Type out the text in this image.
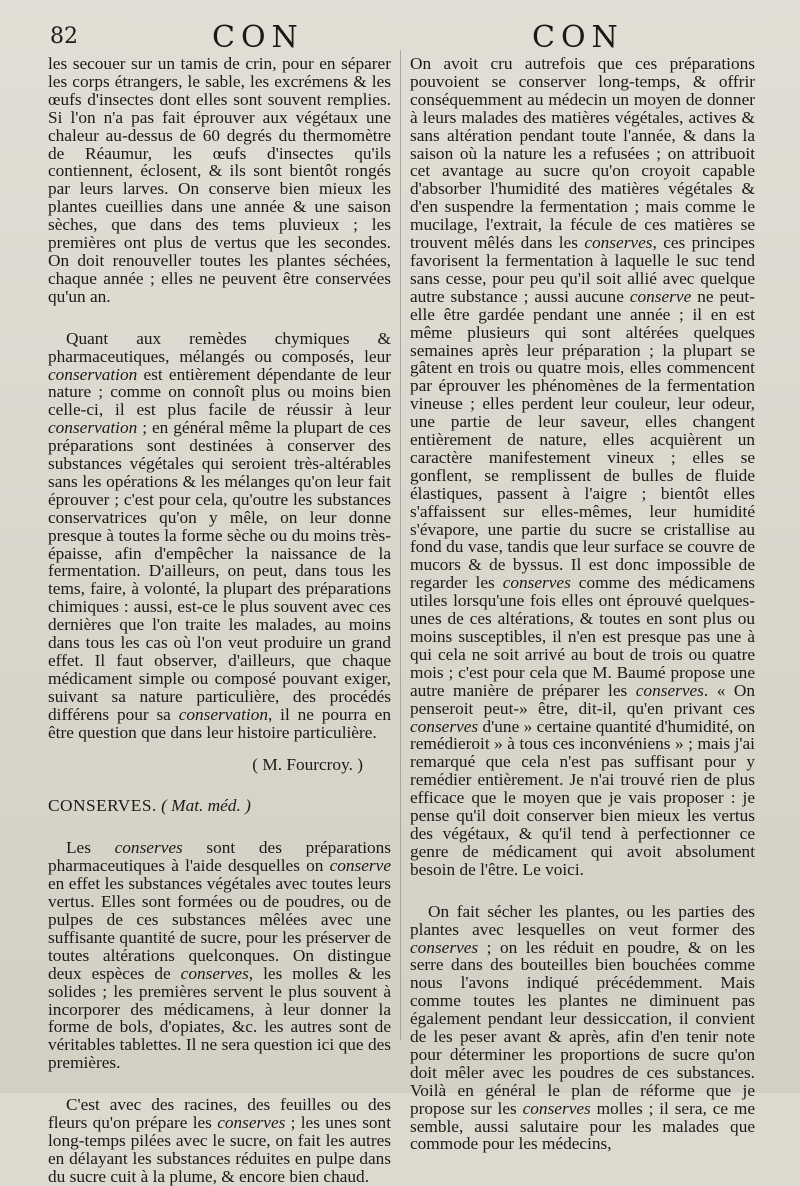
82	CON	CON

les secouer sur un tamis de crin, pour en séparer les corps étrangers, le sable, les excrémens & les œufs d'insectes dont elles sont souvent remplies. Si l'on n'a pas fait éprouver aux végétaux une chaleur au-dessus de 60 degrés du thermomètre de Réaumur, les œufs d'insectes qu'ils contiennent, éclosent, & ils sont bientôt rongés par leurs larves. On conserve bien mieux les plantes cueillies dans une année & une saison sèches, que dans des tems pluvieux ; les premières ont plus de vertus que les secondes. On doit renouveller toutes les plantes séchées, chaque année ; elles ne peuvent être conservées qu'un an.

Quant aux remèdes chymiques & pharmaceutiques, mélangés ou composés, leur conservation est entièrement dépendante de leur nature ; comme on connoît plus ou moins bien celle-ci, il est plus facile de réussir à leur conservation ; en général même la plupart de ces préparations sont destinées à conserver des substances végétales qui seroient très-altérables sans les opérations & les mélanges qu'on leur fait éprouver ; c'est pour cela, qu'outre les substances conservatrices qu'on y mêle, on leur donne presque à toutes la forme sèche ou du moins très-épaisse, afin d'empêcher la naissance de la fermentation. D'ailleurs, on peut, dans tous les tems, faire, à volonté, la plupart des préparations chimiques : aussi, est-ce le plus souvent avec ces dernières que l'on traite les malades, au moins dans tous les cas où l'on veut produire un grand effet. Il faut observer, d'ailleurs, que chaque médicament simple ou composé pouvant exiger, suivant sa nature particulière, des procédés différens pour sa conservation, il ne pourra en être question que dans leur histoire particulière.

( M. Fourcroy. )

CONSERVES. ( Mat. méd. )

Les conserves sont des préparations pharmaceutiques à l'aide desquelles on conserve en effet les substances végétales avec toutes leurs vertus. Elles sont formées ou de poudres, ou de pulpes de ces substances mêlées avec une suffisante quantité de sucre, pour les préserver de toutes altérations quelconques. On distingue deux espèces de conserves, les molles & les solides ; les premières servent le plus souvent à incorporer des médicamens, à leur donner la forme de bols, d'opiates, &c. les autres sont de véritables tablettes. Il ne sera question ici que des premières.

C'est avec des racines, des feuilles ou des fleurs qu'on prépare les conserves ; les unes sont long-temps pilées avec le sucre, on fait les autres en délayant les substances réduites en pulpe dans du sucre cuit à la plume, & encore bien chaud.

On avoit cru autrefois que ces préparations pouvoient se conserver long-temps, & offrir conséquemment au médecin un moyen de donner à leurs malades des matières végétales, actives & sans altération pendant toute l'année, & dans la saison où la nature les a refusées ; on attribuoit cet avantage au sucre qu'on croyoit capable d'absorber l'humidité des matières végétales & d'en suspendre la fermentation ; mais comme le mucilage, l'extrait, la fécule de ces matières se trouvent mêlés dans les conserves, ces principes favorisent la fermentation à laquelle le suc tend sans cesse, pour peu qu'il soit allié avec quelque autre substance ; aussi aucune conserve ne peut-elle être gardée pendant une année ; il en est même plusieurs qui sont altérées quelques semaines après leur préparation ; la plupart se gâtent en trois ou quatre mois, elles commencent par éprouver les phénomènes de la fermentation vineuse ; elles perdent leur couleur, leur odeur, une partie de leur saveur, elles changent entièrement de nature, elles acquièrent un caractère manifestement vineux ; elles se gonflent, se remplissent de bulles de fluide élastiques, passent à l'aigre ; bientôt elles s'affaissent sur elles-mêmes, leur humidité s'évapore, une partie du sucre se cristallise au fond du vase, tandis que leur surface se couvre de mucors & de byssus. Il est donc impossible de regarder les conserves comme des médicamens utiles lorsqu'une fois elles ont éprouvé quelques-unes de ces altérations, & toutes en sont plus ou moins susceptibles, il n'en est presque pas une à qui cela ne soit arrivé au bout de trois ou quatre mois ; c'est pour cela que M. Baumé propose une autre manière de préparer les conserves. « On penseroit peut-» être, dit-il, qu'en privant ces conserves d'une » certaine quantité d'humidité, on remédieroit » à tous ces inconvéniens » ; mais j'ai remarqué que cela n'est pas suffisant pour y remédier entièrement. Je n'ai trouvé rien de plus efficace que le moyen que je vais proposer : je pense qu'il doit conserver bien mieux les vertus des végétaux, & qu'il tend à perfectionner ce genre de médicament qui avoit absolument besoin de l'être. Le voici.

On fait sécher les plantes, ou les parties des plantes avec lesquelles on veut former des conserves ; on les réduit en poudre, & on les serre dans des bouteilles bien bouchées comme nous l'avons indiqué précédemment. Mais comme toutes les plantes ne diminuent pas également pendant leur dessiccation, il convient de les peser avant & après, afin d'en tenir note pour déterminer les proportions de sucre qu'on doit mêler avec les poudres de ces substances. Voilà en général le plan de réforme que je propose sur les conserves molles ; il sera, ce me semble, aussi salutaire pour les malades que commode pour les médecins,
